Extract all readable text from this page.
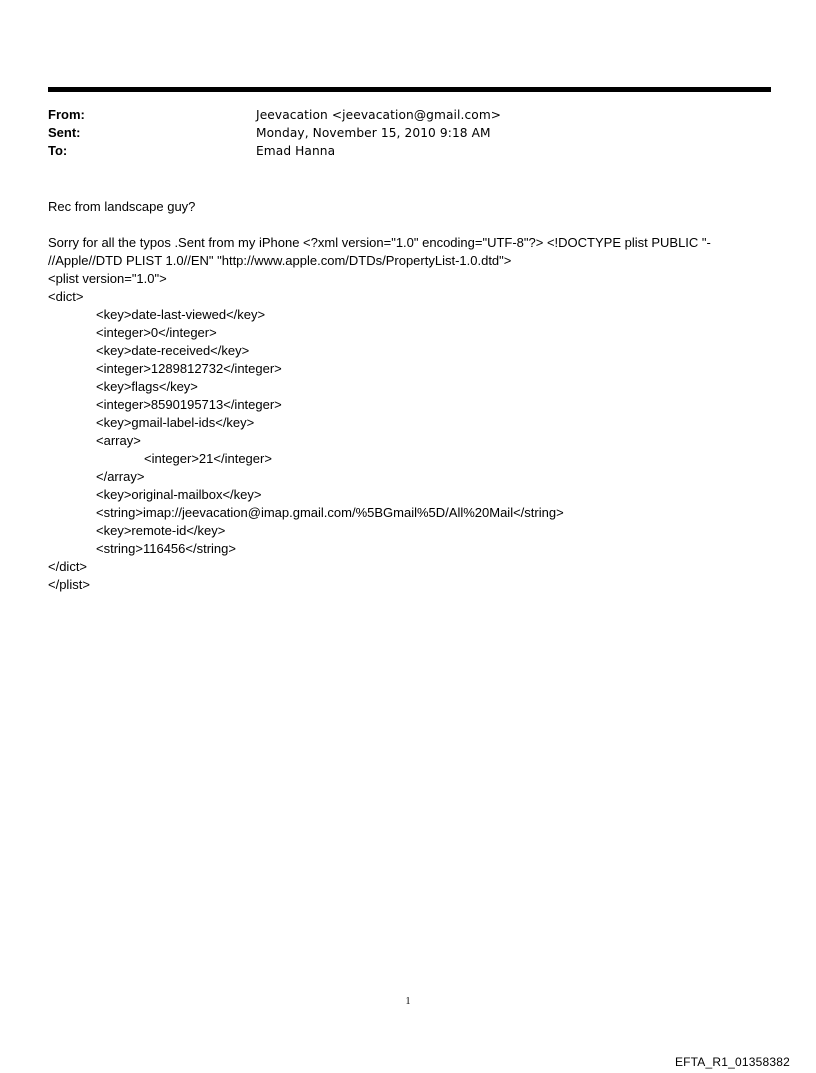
From:	Jeevacation <jeevacation@gmail.com>
Sent:	Monday, November 15, 2010 9:18 AM
To:	Emad Hanna
Rec from landscape guy?
Sorry for all the typos .Sent from my iPhone <?xml version="1.0" encoding="UTF-8"?> <!DOCTYPE plist PUBLIC "-
//Apple//DTD PLIST 1.0//EN" "http://www.apple.com/DTDs/PropertyList-1.0.dtd">
<plist version="1.0">
<dict>
<key>date-last-viewed</key>
<integer>0</integer>
<key>date-received</key>
<integer>1289812732</integer>
<key>flags</key>
<integer>8590195713</integer>
<key>gmail-label-ids</key>
<array>
<integer>21</integer>
</array>
<key>original-mailbox</key>
<string>imap://jeevacation@imap.gmail.com/%5BGmail%5D/All%20Mail</string>
<key>remote-id</key>
<string>116456</string>
</dict>
</plist>
1
EFTA_R1_01358382
